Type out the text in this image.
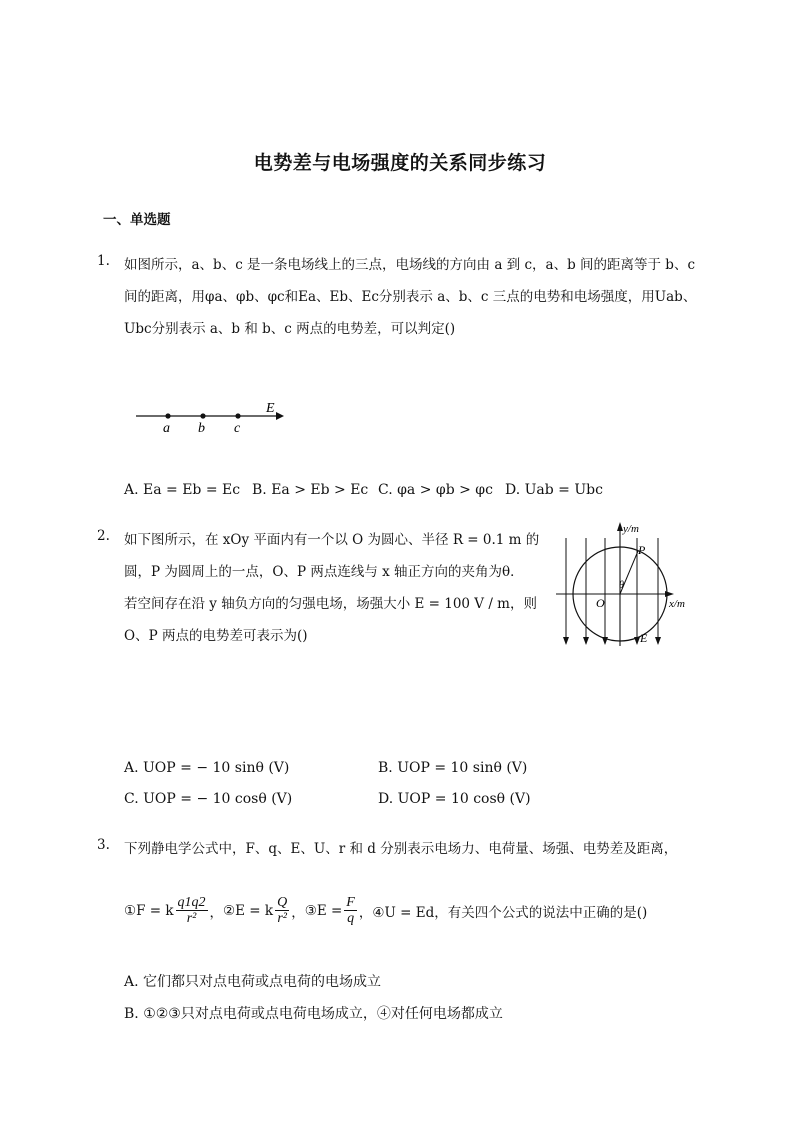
电势差与电场强度的关系同步练习
一、单选题
1. 如图所示，a、b、c 是一条电场线上的三点，电场线的方向由 a 到 c，a、b 间的距离等于 b、c
间的距离，用φa、φb、φc和Ea、Eb、Ec分别表示 a、b、c 三点的电势和电场强度，用Uab、
Ubc分别表示 a、b 和 b、c 两点的电势差，可以判定()
a b c
E
A. Ea = Eb = Ec B. Ea > Eb > Ec C. φa > φb > φc D. Uab = Ubc
2. 如下图所示，在 xOy 平面内有一个以 O 为圆心、半径 R = 0.1 m 的
圆，P 为圆周上的一点，O、P 两点连线与 x 轴正方向的夹角为θ．
若空间存在沿 y 轴负方向的匀强电场，场强大小 E = 100 V / m，则
O、P 两点的电势差可表示为()
y/m
x/m
O
P
θ
E
A. UOP = − 10 sinθ (V)	B. UOP = 10 sinθ (V)
C. UOP = − 10 cosθ (V)	D. UOP = 10 cosθ (V)
3. 下列静电学公式中，F、q、E、U、r 和 d 分别表示电场力、电荷量、场强、电势差及距离，
①F = k $\frac{q1q2}{\text{r²}}$ ， ②E = k $\frac{Q}{\text{r²}}$ ， ③E = $\frac{F}{q}$ ， ④U = Ed， 有关四个公式的说法中正确的是()
A. 它们都只对点电荷或点电荷的电场成立
B. ①②③只对点电荷或点电荷电场成立，④对任何电场都成立
